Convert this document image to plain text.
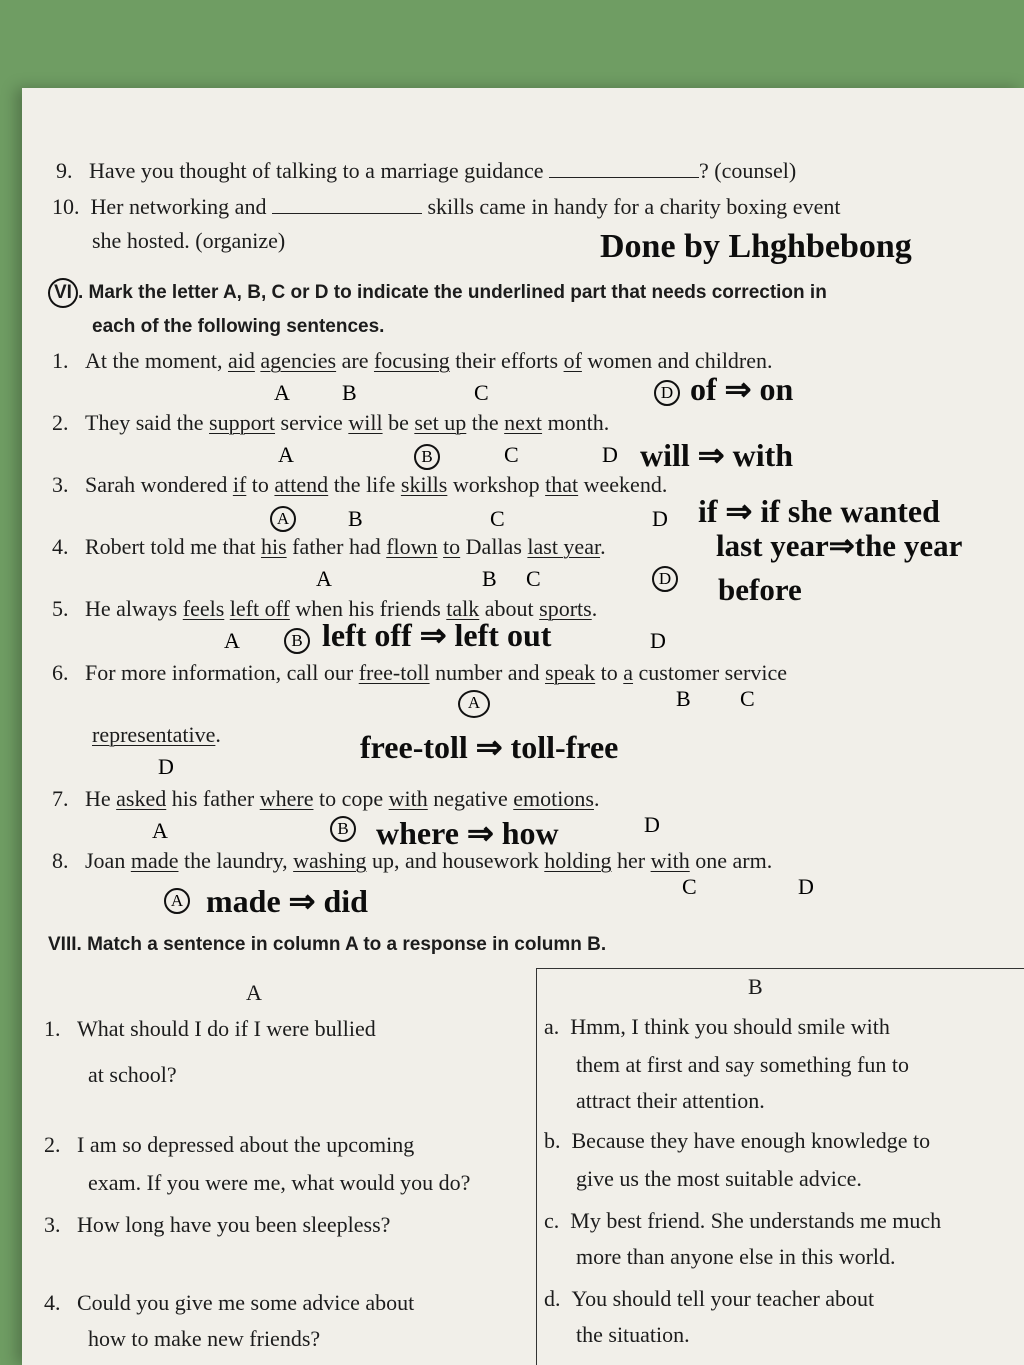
9. Have you thought of talking to a marriage guidance	? (counsel)
10. Her networking and	skills came in handy for a charity boxing event
she hosted. (organize)	Done by Lhghbebong
VI . Mark the letter A, B, C or D to indicate the underlined part that needs correction in
each of the following sentences.
1. At the moment, aid agencies are focusing their efforts of women and children.
A B	C	D of ⇒ on
2. They said the support service will be set up the next month.
A	B	C	D will ⇒ with
3. Sarah wondered if to attend the life skills workshop that weekend.
A	B	C	D if ⇒ if she wanted
4. Robert told me that his father had flown to Dallas last year.
A	B C	D
last year⇒the year
before
5. He always feels left off when his friends talk about sports.
A	B left off ⇒ left out	D
6. For more information, call our free-toll number and speak to a customer service
A	B C
representative.
D
free-toll ⇒ toll-free
7. He asked his father where to cope with negative emotions.
A	B where ⇒ how	D
8. Joan made the laundry, washing up, and housework holding her with one arm.
A made ⇒ did	C	D
VIII. Match a sentence in column A to a response in column B.
A	B
1. What should I do if I were bullied
at school?
2. I am so depressed about the upcoming
exam. If you were me, what would you do?
3. How long have you been sleepless?
4. Could you give me some advice about
how to make new friends?
a. Hmm, I think you should smile with
them at first and say something fun to
attract their attention.
b. Because they have enough knowledge to
give us the most suitable advice.
c. My best friend. She understands me much
more than anyone else in this world.
d. You should tell your teacher about
the situation.
